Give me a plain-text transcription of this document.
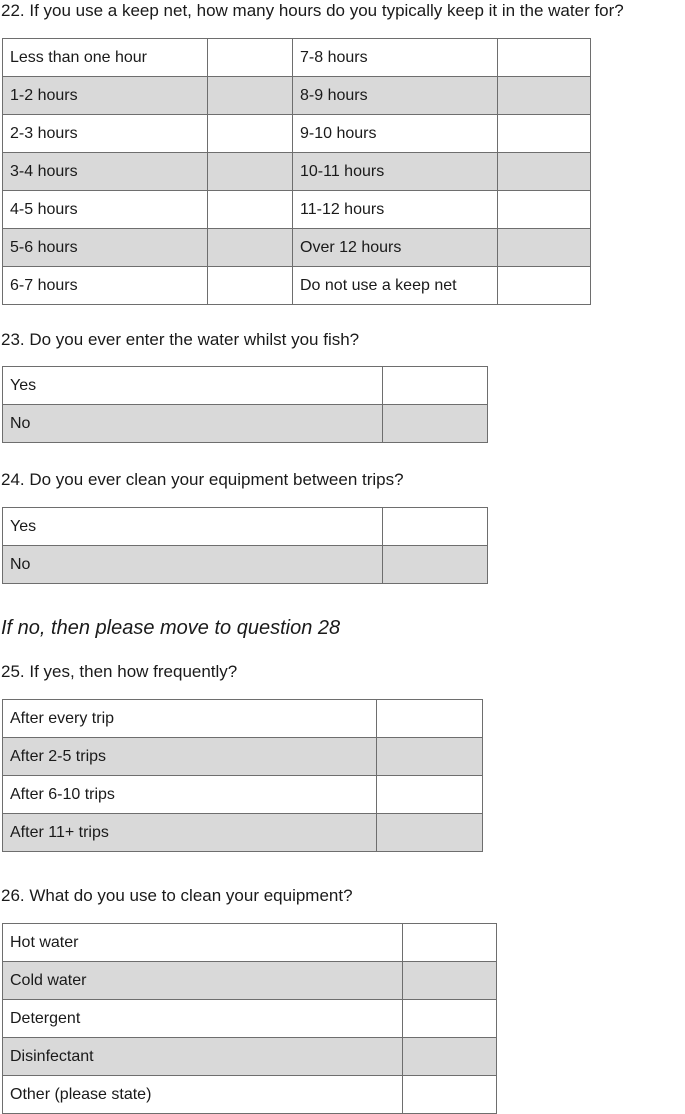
22. If you use a keep net, how many hours do you typically keep it in the water for?
Less than one hour		7-8 hours	
1-2 hours		8-9 hours	
2-3 hours		9-10 hours	
3-4 hours		10-11 hours	
4-5 hours		11-12 hours	
5-6 hours		Over 12 hours	
6-7 hours		Do not use a keep net	
23. Do you ever enter the water whilst you fish?
Yes	
No	
24. Do you ever clean your equipment between trips?
Yes	
No	
If no, then please move to question 28
25. If yes, then how frequently?
After every trip	
After 2-5 trips	
After 6-10 trips	
After 11+ trips	
26. What do you use to clean your equipment?
Hot water	
Cold water	
Detergent	
Disinfectant	
Other (please state)	
